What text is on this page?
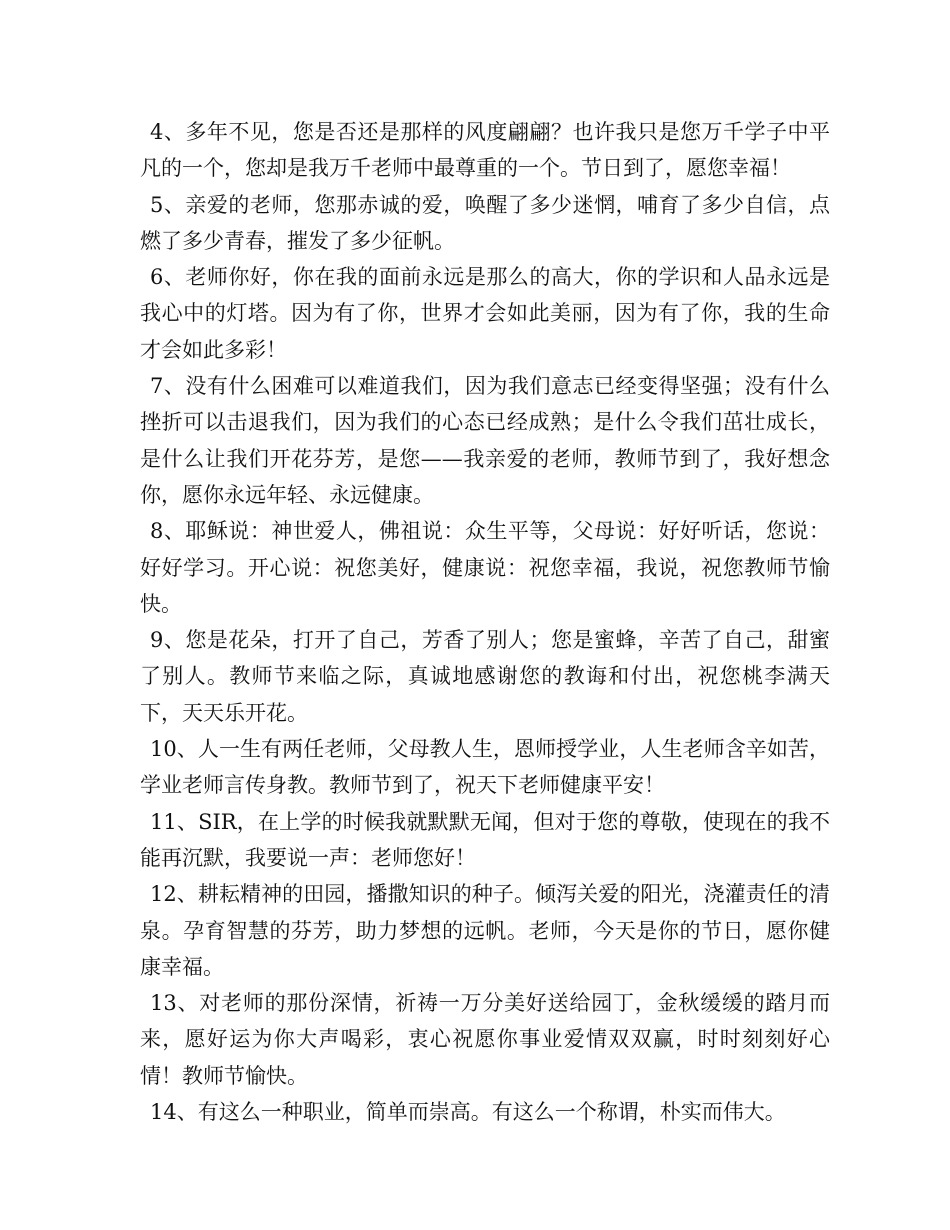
4、多年不见，您是否还是那样的风度翩翩？也许我只是您万千学子中平凡的一个，您却是我万千老师中最尊重的一个。节日到了，愿您幸福！

5、亲爱的老师，您那赤诚的爱，唤醒了多少迷惘，哺育了多少自信，点燃了多少青春，摧发了多少征帆。

6、老师你好，你在我的面前永远是那么的高大，你的学识和人品永远是我心中的灯塔。因为有了你，世界才会如此美丽，因为有了你，我的生命才会如此多彩！

7、没有什么困难可以难道我们，因为我们意志已经变得坚强；没有什么挫折可以击退我们，因为我们的心态已经成熟；是什么令我们茁壮成长，是什么让我们开花芬芳，是您——我亲爱的老师，教师节到了，我好想念你，愿你永远年轻、永远健康。

8、耶稣说：神世爱人，佛祖说：众生平等，父母说：好好听话，您说：好好学习。开心说：祝您美好，健康说：祝您幸福，我说，祝您教师节愉快。

9、您是花朵，打开了自己，芳香了别人；您是蜜蜂，辛苦了自己，甜蜜了别人。教师节来临之际，真诚地感谢您的教诲和付出，祝您桃李满天下，天天乐开花。

10、人一生有两任老师，父母教人生，恩师授学业，人生老师含辛如苦，学业老师言传身教。教师节到了，祝天下老师健康平安！

11、SIR，在上学的时候我就默默无闻，但对于您的尊敬，使现在的我不能再沉默，我要说一声：老师您好！

12、耕耘精神的田园，播撒知识的种子。倾泻关爱的阳光，浇灌责任的清泉。孕育智慧的芬芳，助力梦想的远帆。老师，今天是你的节日，愿你健康幸福。

13、对老师的那份深情，祈祷一万分美好送给园丁，金秋缓缓的踏月而来，愿好运为你大声喝彩，衷心祝愿你事业爱情双双赢，时时刻刻好心情！教师节愉快。

14、有这么一种职业，简单而崇高。有这么一个称谓，朴实而伟大。
